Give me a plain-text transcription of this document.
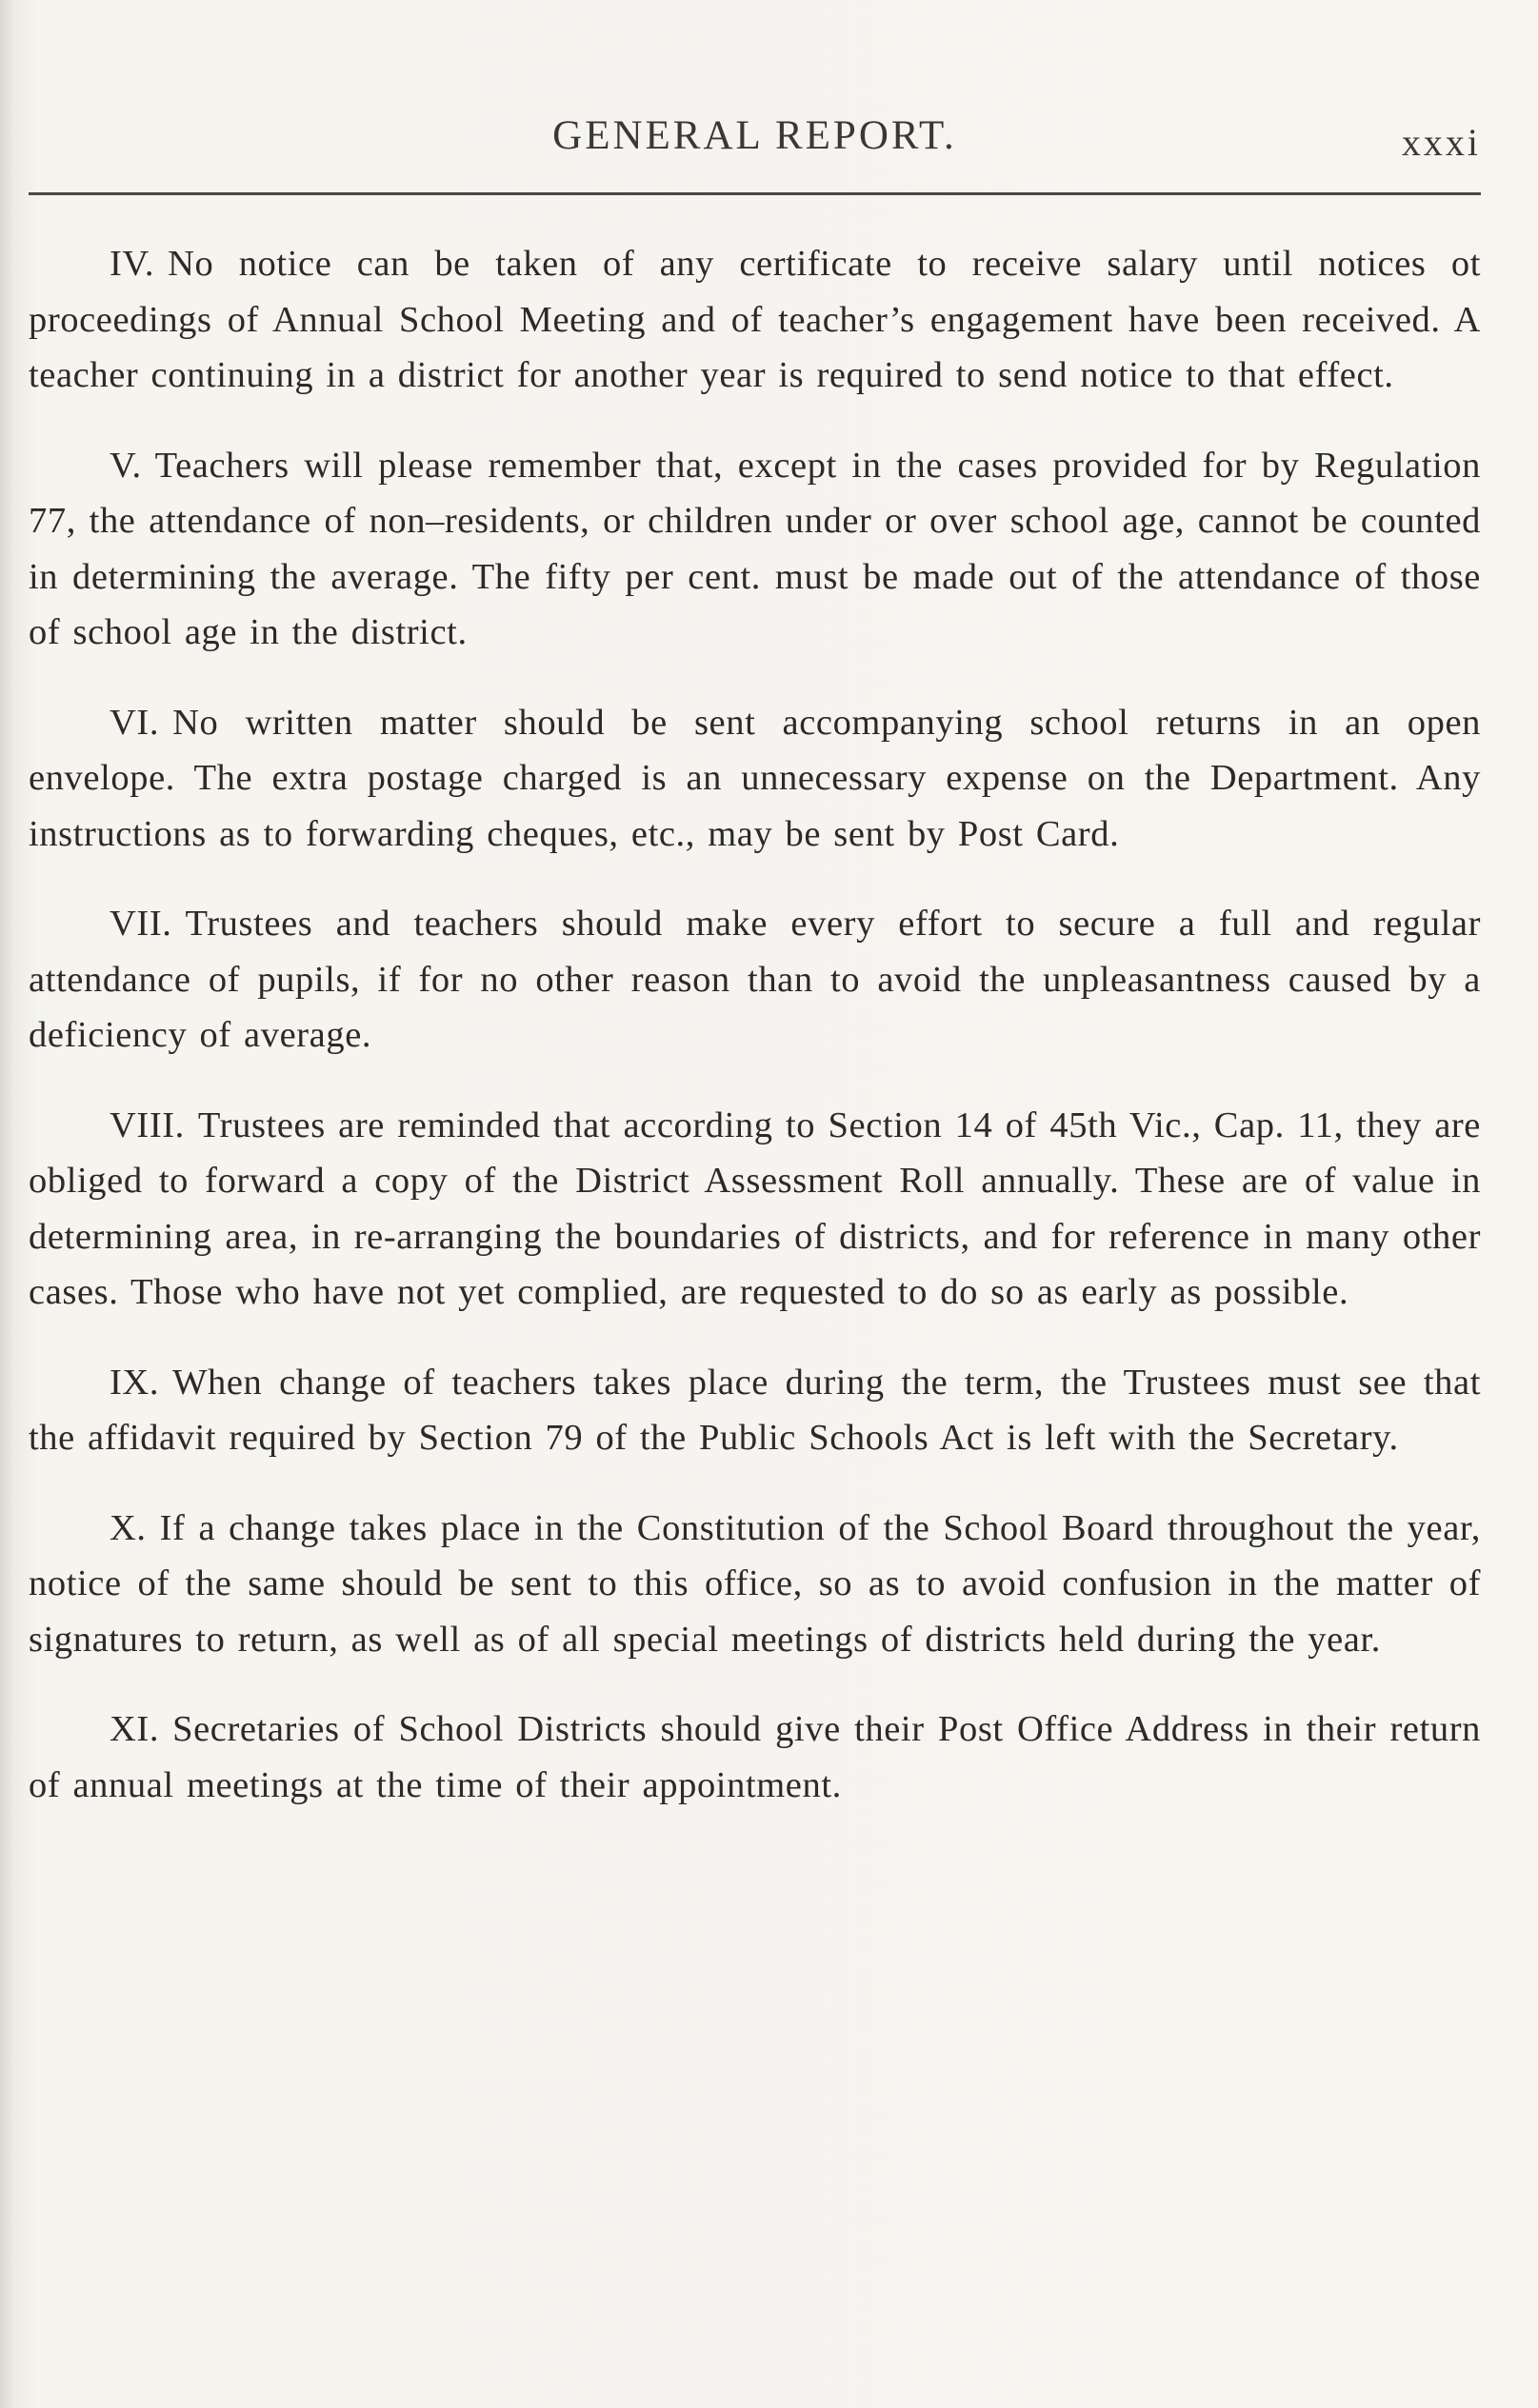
GENERAL REPORT.	xxxi

IV. No notice can be taken of any certificate to receive salary until notices ot proceedings of Annual School Meeting and of teacher’s engagement have been received. A teacher continuing in a district for another year is required to send notice to that effect.

V. Teachers will please remember that, except in the cases provided for by Regulation 77, the attendance of non–residents, or children under or over school age, cannot be counted in determining the average. The fifty per cent. must be made out of the attendance of those of school age in the district.

VI. No written matter should be sent accompanying school returns in an open envelope. The extra postage charged is an unnecessary expense on the Department. Any instructions as to forwarding cheques, etc., may be sent by Post Card.

VII. Trustees and teachers should make every effort to secure a full and regular attendance of pupils, if for no other reason than to avoid the unpleasantness caused by a deficiency of average.

VIII. Trustees are reminded that according to Section 14 of 45th Vic., Cap. 11, they are obliged to forward a copy of the District Assessment Roll annually. These are of value in determining area, in re-arranging the boundaries of districts, and for reference in many other cases. Those who have not yet complied, are requested to do so as early as possible.

IX. When change of teachers takes place during the term, the Trustees must see that the affidavit required by Section 79 of the Public Schools Act is left with the Secretary.

X. If a change takes place in the Constitution of the School Board throughout the year, notice of the same should be sent to this office, so as to avoid confusion in the matter of signatures to return, as well as of all special meetings of districts held during the year.

XI. Secretaries of School Districts should give their Post Office Address in their return of annual meetings at the time of their appointment.
